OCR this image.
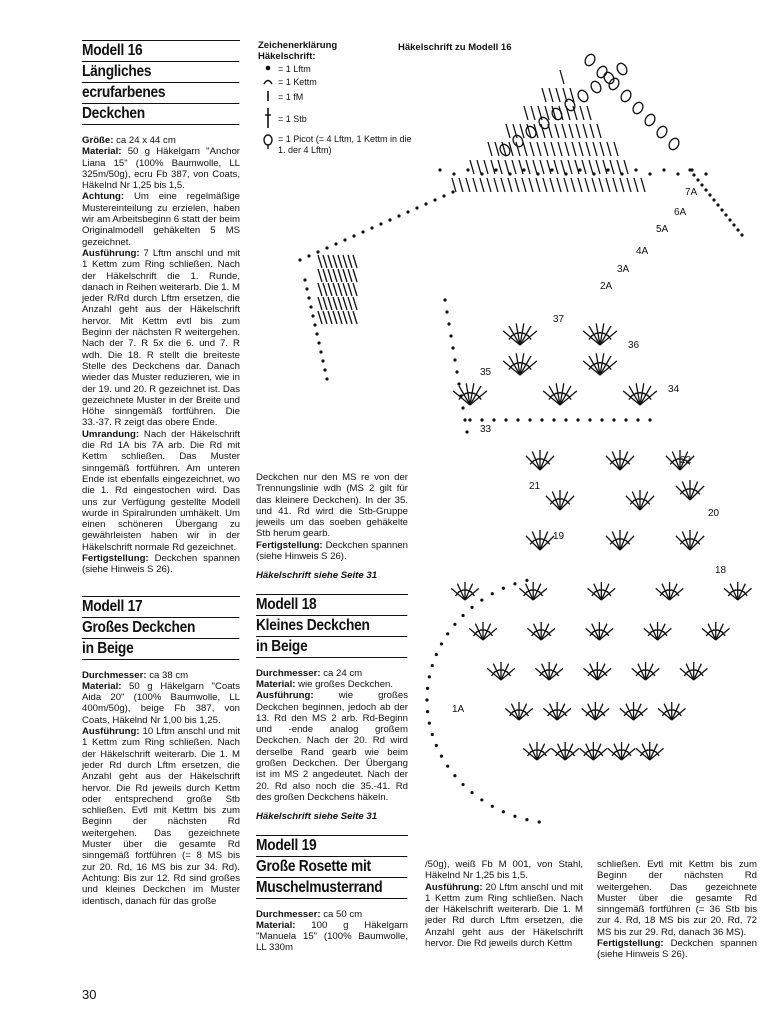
Modell 16
Längliches
ecrufarbenes
Deckchen

Größe: ca 24 x 44 cm
Material: 50 g Häkelgarn "Anchor Liana 15" (100% Baumwolle, LL 325m/50g), ecru Fb 387, von Coats, Häkelnd Nr 1,25 bis 1,5.
Achtung: Um eine regelmäßige Mustereinteilung zu erzielen, haben wir am Arbeitsbeginn 6 statt der beim Originalmodell gehäkelten 5 MS gezeichnet.
Ausführung: 7 Lftm anschl und mit 1 Kettm zum Ring schließen. Nach der Häkelschrift die 1. Runde, danach in Reihen weiterarb. Die 1. M jeder R/Rd durch Lftm ersetzen, die Anzahl geht aus der Häkelschrift hervor. Mit Kettm evtl bis zum Beginn der nächsten R weitergehen. Nach der 7. R 5x die 6. und 7. R wdh. Die 18. R stellt die breiteste Stelle des Deckchens dar. Danach wieder das Muster reduzieren, wie in der 19. und 20. R gezeichnet ist. Das gezeichnete Muster in der Breite und Höhe sinngemäß fortführen. Die 33.-37. R zeigt das obere Ende.
Umrandung: Nach der Häkelschrift die Rd 1A bis 7A arb. Die Rd mit Kettm schließen. Das Muster sinngemäß fortführen. Am unteren Ende ist ebenfalls eingezeichnet, wo die 1. Rd eingestochen wird. Das uns zur Verfügung gestellte Modell wurde in Spiralrunden umhäkelt. Um einen schöneren Übergang zu gewährleisten haben wir in der Häkelschrift normale Rd gezeichnet.
Fertigstellung: Deckchen spannen (siehe Hinweis S 26).

Modell 17
Großes Deckchen
in Beige

Durchmesser: ca 38 cm
Material: 50 g Häkelgarn "Coats Aida 20" (100% Baumwolle, LL 400m/50g), beige Fb 387, von Coats, Häkelnd Nr 1,00 bis 1,25.
Ausführung: 10 Lftm anschl und mit 1 Kettm zum Ring schließen. Nach der Häkelschrift weiterarb. Die 1. M jeder Rd durch Lftm ersetzen, die Anzahl geht aus der Häkelschrift hervor. Die Rd jeweils durch Kettm oder entsprechend große Stb schließen. Evtl mit Kettm bis zum Beginn der nächsten Rd weitergehen. Das gezeichnete Muster über die gesamte Rd sinngemäß fortführen (= 8 MS bis zur 20. Rd, 16 MS bis zur 34. Rd). Achtung: Bis zur 12. Rd sind großes und kleines Deckchen im Muster identisch, danach für das große

Zeichenerklärung
Häkelschrift:
= 1 Lftm
= 1 Kettm
= 1 fM
= 1 Stb
= 1 Picot (= 4 Lftm, 1 Kettm in die 1. der 4 Lftm)
Häkelschrift zu Modell 16

Deckchen nur den MS re von der Trennungslinie wdh (MS 2 gilt für das kleinere Deckchen). In der 35. und 41. Rd wird die Stb-Gruppe jeweils um das soeben gehäkelte Stb herum gearb.
Fertigstellung: Deckchen spannen (siehe Hinweis S 26).

Häkelschrift siehe Seite 31
Modell 18
Kleines Deckchen
in Beige

Durchmesser: ca 24 cm
Material: wie großes Deckchen.
Ausführung:	wie großes Deckchen beginnen, jedoch ab der 13. Rd den MS 2 arb. Rd-Beginn und -ende analog großem Deckchen. Nach der 20. Rd wird derselbe Rand gearb wie beim großen Deckchen. Der Übergang ist im MS 2 angedeutet. Nach der 20. Rd also noch die 35.-41. Rd des großen Deckchens häkeln.

Häkelschrift siehe Seite 31
Modell 19
Große Rosette mit
Muschelmusterrand

Durchmesser: ca 50 cm
Material: 100 g Häkelgarn "Manuela 15" (100% Baumwolle, LL 330m

/50g), weiß Fb M 001, von Stahl, Häkelnd Nr 1,25 bis 1,5.
Ausführung: 20 Lftm anschl und mit 1 Kettm zum Ring schließen. Nach der Häkelschrift weiterarb. Die 1. M jeder Rd durch Lftm ersetzen, die Anzahl geht aus der Häkelschrift hervor. Die Rd jeweils durch Kettm

schließen. Evtl mit Kettm bis zum Beginn der nächsten Rd weitergehen. Das gezeichnete Muster über die gesamte Rd sinngemäß fortführen (= 36 Stb bis zur 4. Rd, 18 MS bis zur 20. Rd, 72 MS bis zur 29. Rd, danach 36 MS).
Fertigstellung: Deckchen spannen (siehe Hinweis S 26).

30
7A
6A
5A
4A
3A
2A
37
36
35
34
33
22
21
20
19
18
1A
